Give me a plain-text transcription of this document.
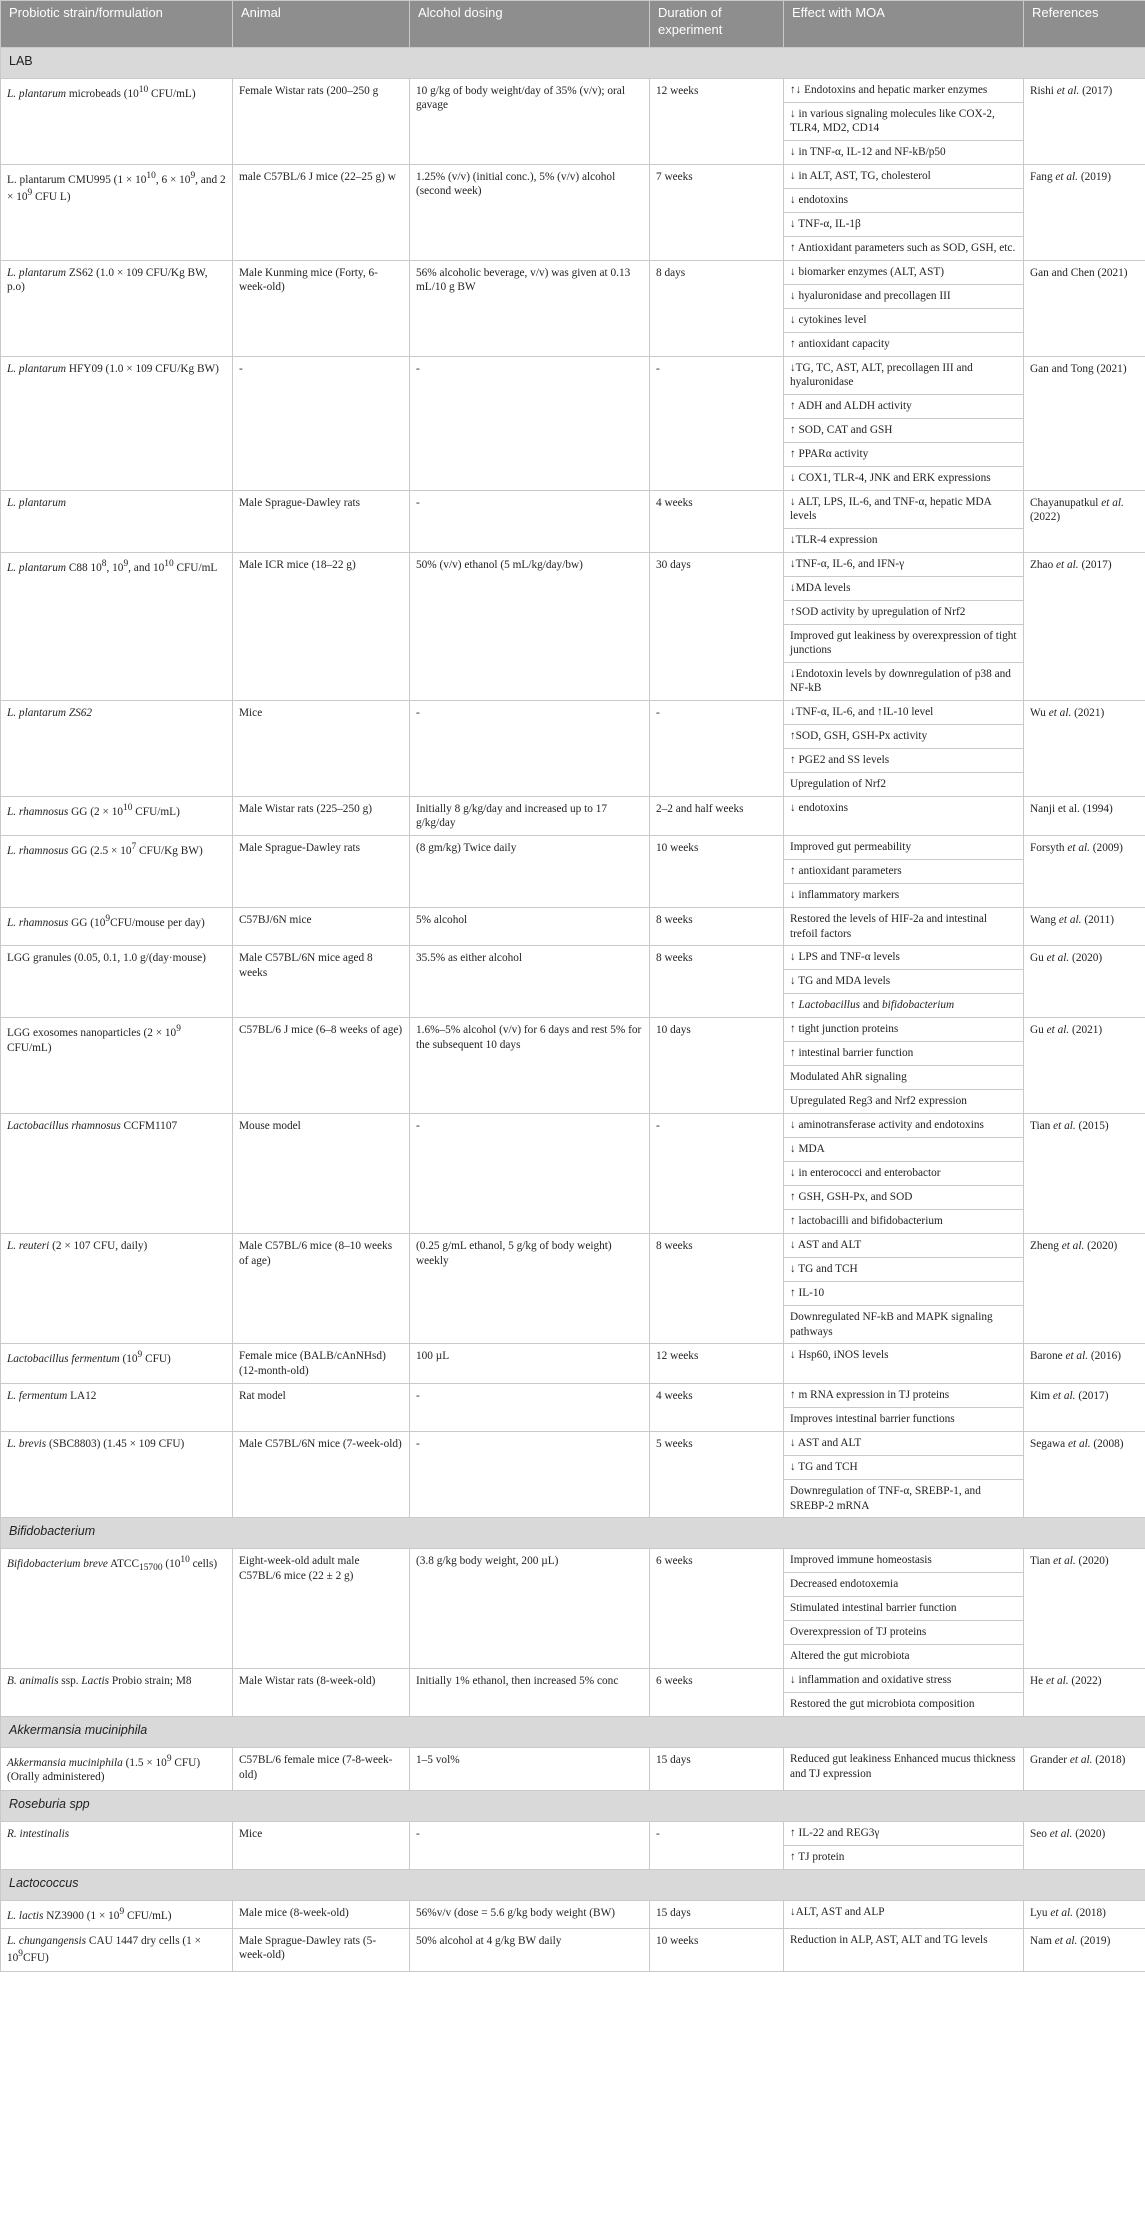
Probiotic strain/formulation	Animal	Alcohol dosing	Duration of experiment	Effect with MOA	References
LAB					
L. plantarum microbeads ($10^{10}$ CFU/mL)	Female Wistar rats (200–250 g	10 g/kg of body weight/day of 35% (v/v); oral gavage	12 weeks	↑↓ Endotoxins and hepatic marker enzymes
↓ in various signaling molecules like COX-2, TLR4, MD2, CD14
↓ in TNF-α, IL-12 and NF-kB/p50	Rishi et al. (2017)
L. plantarum CMU995 ($1 \times 10^{10}$, $6 \times 10^9$, and $2 \times 10^9$ CFU L)	male C57BL/6 J mice (22–25 g) w	1.25% (v/v) (initial conc.), 5% (v/v) alcohol (second week)	7 weeks	↓ in ALT, AST, TG, cholesterol
↓ endotoxins
↓ TNF-α, IL-1β
↑ Antioxidant parameters such as SOD, GSH, etc.	Fang et al. (2019)
L. plantarum ZS62 (1.0 × 109 CFU/Kg BW, p.o)	Male Kunming mice (Forty, 6-week-old)	56% alcoholic beverage, v/v) was given at 0.13 mL/10 g BW	8 days	↓ biomarker enzymes (ALT, AST)
↓ hyaluronidase and precollagen III
↓ cytokines level
↑ antioxidant capacity	Gan and Chen (2021)
L. plantarum HFY09 (1.0 × 109 CFU/Kg BW)	-	-	-	↓TG, TC, AST, ALT, precollagen III and hyaluronidase
↑ ADH and ALDH activity
↑ SOD, CAT and GSH
↑ PPARα activity
↓ COX1, TLR-4, JNK and ERK expressions	Gan and Tong (2021)
L. plantarum	Male Sprague-Dawley rats	-	4 weeks	↓ ALT, LPS, IL-6, and TNF-α, hepatic MDA levels
↓TLR-4 expression	Chayanupatkul et al. (2022)
L. plantarum C88 $10^8$, $10^9$, and $10^{10}$ CFU/mL	Male ICR mice (18–22 g)	50% (v/v) ethanol (5 mL/kg/day/bw)	30 days	↓TNF-α, IL-6, and IFN-γ
↓MDA levels
↑SOD activity by upregulation of Nrf2
Improved gut leakiness by overexpression of tight junctions
↓Endotoxin levels by downregulation of p38 and NF-kB	Zhao et al. (2017)
L. plantarum ZS62	Mice	-	-	↓TNF-α, IL-6, and ↑IL-10 level
↑SOD, GSH, GSH-Px activity
↑ PGE2 and SS levels
Upregulation of Nrf2	Wu et al. (2021)
L. rhamnosus GG ($2 \times 10^{10}$ CFU/mL)	Male Wistar rats (225–250 g)	Initially 8 g/kg/day and increased up to 17 g/kg/day	2–2 and half weeks	↓ endotoxins	Nanji et al. (1994)
L. rhamnosus GG ($2.5 \times 10^7$ CFU/Kg BW)	Male Sprague-Dawley rats	(8 gm/kg) Twice daily	10 weeks	Improved gut permeability
↑ antioxidant parameters
↓ inflammatory markers	Forsyth et al. (2009)
L. rhamnosus GG ($10^9CFU$/mouse per day)	C57BJ/6N mice	5% alcohol	8 weeks	Restored the levels of HIF-2a and intestinal trefoil factors	Wang et al. (2011)
LGG granules (0.05, 0.1, 1.0 g/(day·mouse)	Male C57BL/6N mice aged 8 weeks	35.5% as either alcohol	8 weeks	↓ LPS and TNF-α levels
↓ TG and MDA levels
↑ Lactobacillus and bifidobacterium	Gu et al. (2020)
LGG exosomes nanoparticles ($2 \times 10^9$ CFU/mL)	C57BL/6 J mice (6–8 weeks of age)	1.6%–5% alcohol (v/v) for 6 days and rest 5% for the subsequent 10 days	10 days	↑ tight junction proteins
↑ intestinal barrier function
Modulated AhR signaling
Upregulated Reg3 and Nrf2 expression	Gu et al. (2021)
Lactobacillus rhamnosus CCFM1107	Mouse model	-	-	↓ aminotransferase activity and endotoxins
↓ MDA
↓ in enterococci and enterobactor
↑ GSH, GSH-Px, and SOD
↑ lactobacilli and bifidobacterium	Tian et al. (2015)
L. reuteri (2 × 107 CFU, daily)	Male C57BL/6 mice (8–10 weeks of age)	(0.25 g/mL ethanol, 5 g/kg of body weight) weekly	8 weeks	↓ AST and ALT
↓ TG and TCH
↑ IL-10
Downregulated NF-kB and MAPK signaling pathways	Zheng et al. (2020)
Lactobacillus fermentum ($10^9$ CFU)	Female mice (BALB/cAnNHsd) (12-month-old)	100 µL	12 weeks	↓ Hsp60, iNOS levels	Barone et al. (2016)
L. fermentum LA12	Rat model	-	4 weeks	↑ m RNA expression in TJ proteins
Improves intestinal barrier functions	Kim et al. (2017)
L. brevis (SBC8803) (1.45 × 109 CFU)	Male C57BL/6N mice (7-week-old)	-	5 weeks	↓ AST and ALT
↓ TG and TCH
Downregulation of TNF-α, SREBP-1, and SREBP-2 mRNA	Segawa et al. (2008)
Bifidobacterium					
Bifidobacterium breve $ATCC_{15700}$ ($10^{10}$ cells)	Eight-week-old adult male C57BL/6 mice (22 ± 2 g)	(3.8 g/kg body weight, 200 µL)	6 weeks	Improved immune homeostasis
Decreased endotoxemia
Stimulated intestinal barrier function
Overexpression of TJ proteins
Altered the gut microbiota	Tian et al. (2020)
B. animalis ssp. Lactis Probio strain; M8	Male Wistar rats (8-week-old)	Initially 1% ethanol, then increased 5% conc	6 weeks	↓ inflammation and oxidative stress
Restored the gut microbiota composition	He et al. (2022)
Akkermansia muciniphila					
Akkermansia muciniphila ($1.5 \times 10^9$ CFU) (Orally administered)	C57BL/6 female mice (7-8-week-old)	1–5 vol%	15 days	Reduced gut leakiness Enhanced mucus thickness and TJ expression	Grander et al. (2018)
Roseburia spp					
R. intestinalis	Mice	-	-	↑ IL-22 and REG3γ
↑ TJ protein	Seo et al. (2020)
Lactococcus					
L. lactis NZ3900 ($1 \times 10^9$ CFU/mL)	Male mice (8-week-old)	56%v/v (dose = 5.6 g/kg body weight (BW)	15 days	↓ALT, AST and ALP	Lyu et al. (2018)
L. chungangensis CAU 1447 dry cells $(1 \times 10^9CFU)$	Male Sprague-Dawley rats (5-week-old)	50% alcohol at 4 g/kg BW daily	10 weeks	Reduction in ALP, AST, ALT and TG levels	Nam et al. (2019)
